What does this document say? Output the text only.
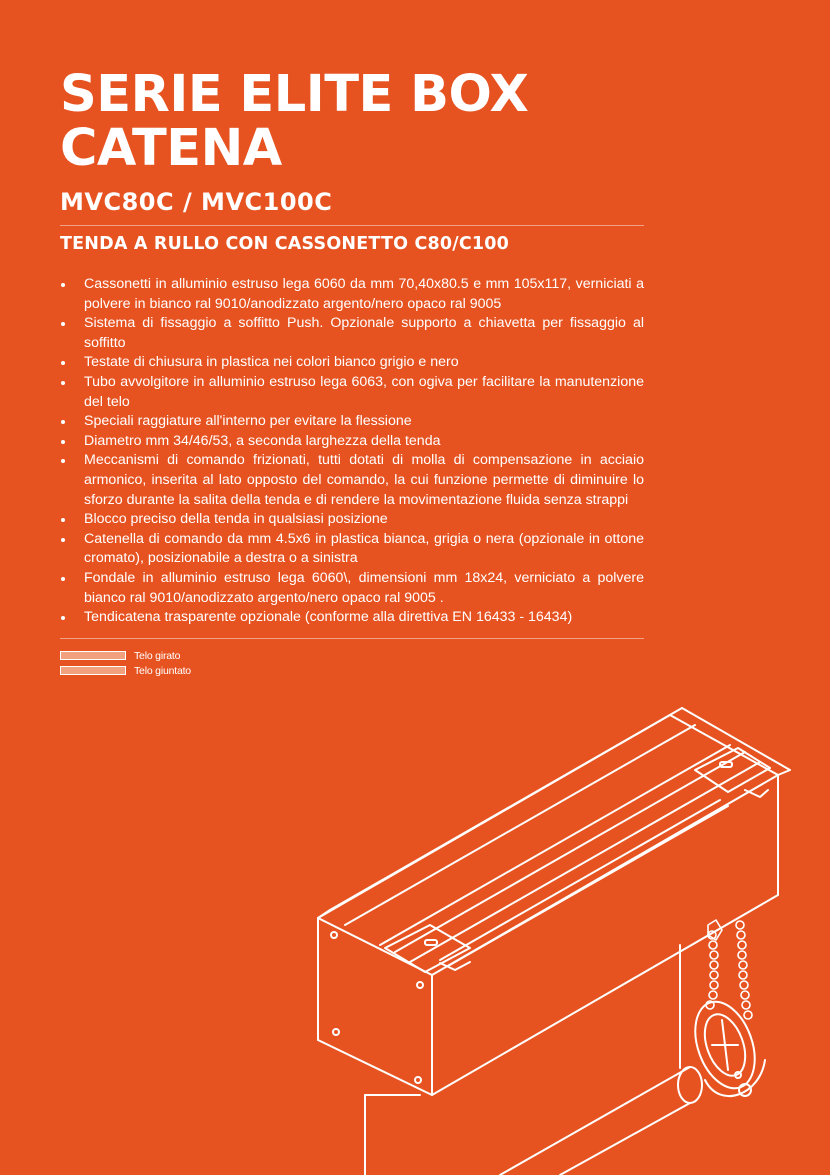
SERIE ELITE BOX
CATENA
MVC80C / MVC100C
TENDA A RULLO CON CASSONETTO C80/C100
Cassonetti in alluminio estruso lega 6060 da mm 70,40x80.5 e mm 105x117, verniciati a polvere in bianco ral 9010/anodizzato argento/nero opaco ral 9005
Sistema di fissaggio a soffitto Push. Opzionale supporto a chiavetta per fissaggio al soffitto
Testate di chiusura in plastica nei colori bianco grigio e nero
Tubo avvolgitore in alluminio estruso lega 6063, con ogiva per facilitare la manutenzione del telo
Speciali raggiature all'interno per evitare la flessione
Diametro mm 34/46/53, a seconda larghezza della tenda
Meccanismi di comando frizionati, tutti dotati di molla di compensazione in acciaio armonico, inserita al lato opposto del comando, la cui funzione permette di diminuire lo sforzo durante la salita della tenda e di rendere la movimentazione fluida senza strappi
Blocco preciso della tenda in qualsiasi posizione
Catenella di comando da mm 4.5x6 in plastica bianca, grigia o nera (opzionale in ottone cromato), posizionabile a destra o a sinistra
Fondale in alluminio estruso lega 6060\, dimensioni mm 18x24, verniciato a polvere bianco ral 9010/anodizzato argento/nero opaco ral 9005 .
Tendicatena trasparente opzionale (conforme alla direttiva EN 16433 - 16434)
Telo girato
Telo giuntato
